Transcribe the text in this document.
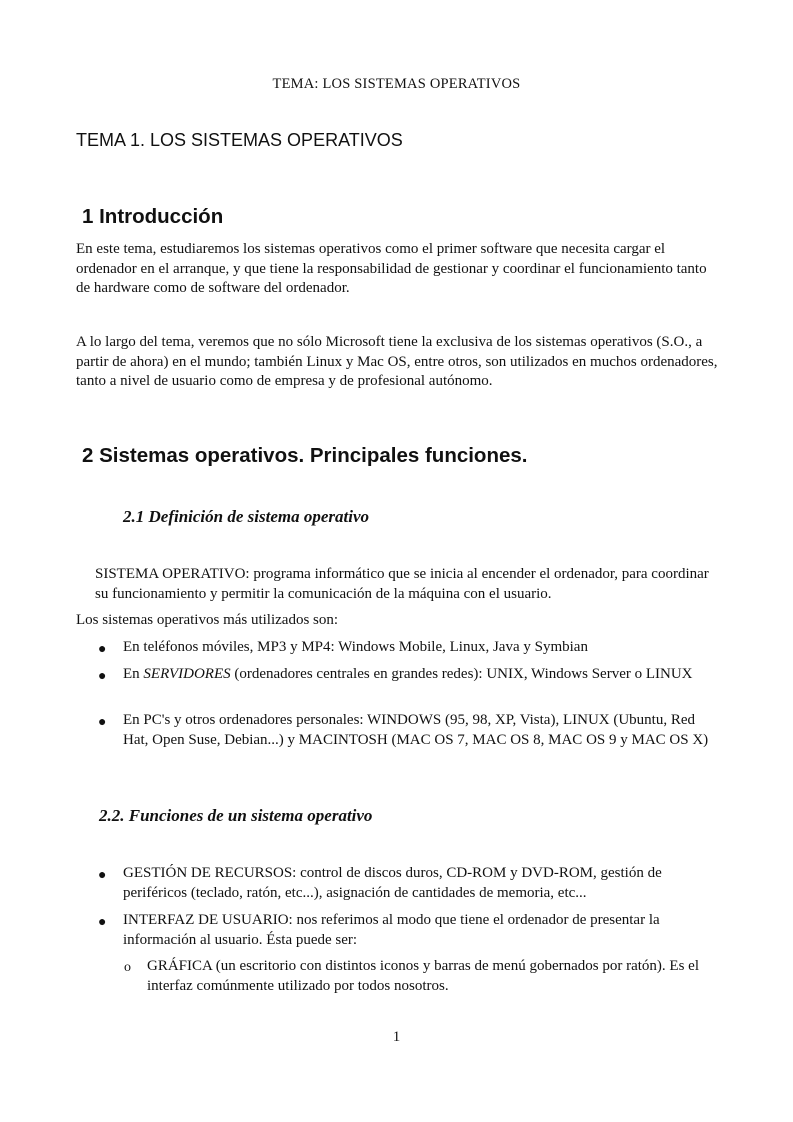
TEMA: LOS SISTEMAS OPERATIVOS
TEMA 1. LOS SISTEMAS OPERATIVOS
1 Introducción
En este tema, estudiaremos los sistemas operativos como el primer software que necesita cargar el ordenador en el arranque, y que tiene la responsabilidad de gestionar y coordinar el funcionamiento tanto de hardware como de software del ordenador.
A lo largo del tema, veremos que no sólo Microsoft tiene la exclusiva de los sistemas operativos (S.O., a partir de ahora) en el mundo; también Linux y Mac OS, entre otros, son utilizados en muchos ordenadores, tanto a nivel de usuario como de empresa y de profesional autónomo.
2 Sistemas operativos. Principales funciones.
2.1 Definición de sistema operativo
SISTEMA OPERATIVO: programa informático que se inicia al encender el ordenador, para coordinar su funcionamiento y permitir la comunicación de la máquina con el usuario.
Los sistemas operativos más utilizados son:
● En teléfonos móviles, MP3 y MP4: Windows Mobile, Linux, Java y Symbian
● En SERVIDORES (ordenadores centrales en grandes redes): UNIX, Windows Server o LINUX
● En PC's y otros ordenadores personales: WINDOWS (95, 98, XP, Vista), LINUX (Ubuntu, Red Hat, Open Suse, Debian...) y MACINTOSH (MAC OS 7, MAC OS 8, MAC OS 9 y MAC OS X)
2.2. Funciones de un sistema operativo
● GESTIÓN DE RECURSOS: control de discos duros, CD-ROM y DVD-ROM, gestión de periféricos (teclado, ratón, etc...), asignación de cantidades de memoria, etc...
● INTERFAZ DE USUARIO: nos referimos al modo que tiene el ordenador de presentar la información al usuario. Ésta puede ser:
o GRÁFICA (un escritorio con distintos iconos y barras de menú gobernados por ratón). Es el interfaz comúnmente utilizado por todos nosotros.
1
